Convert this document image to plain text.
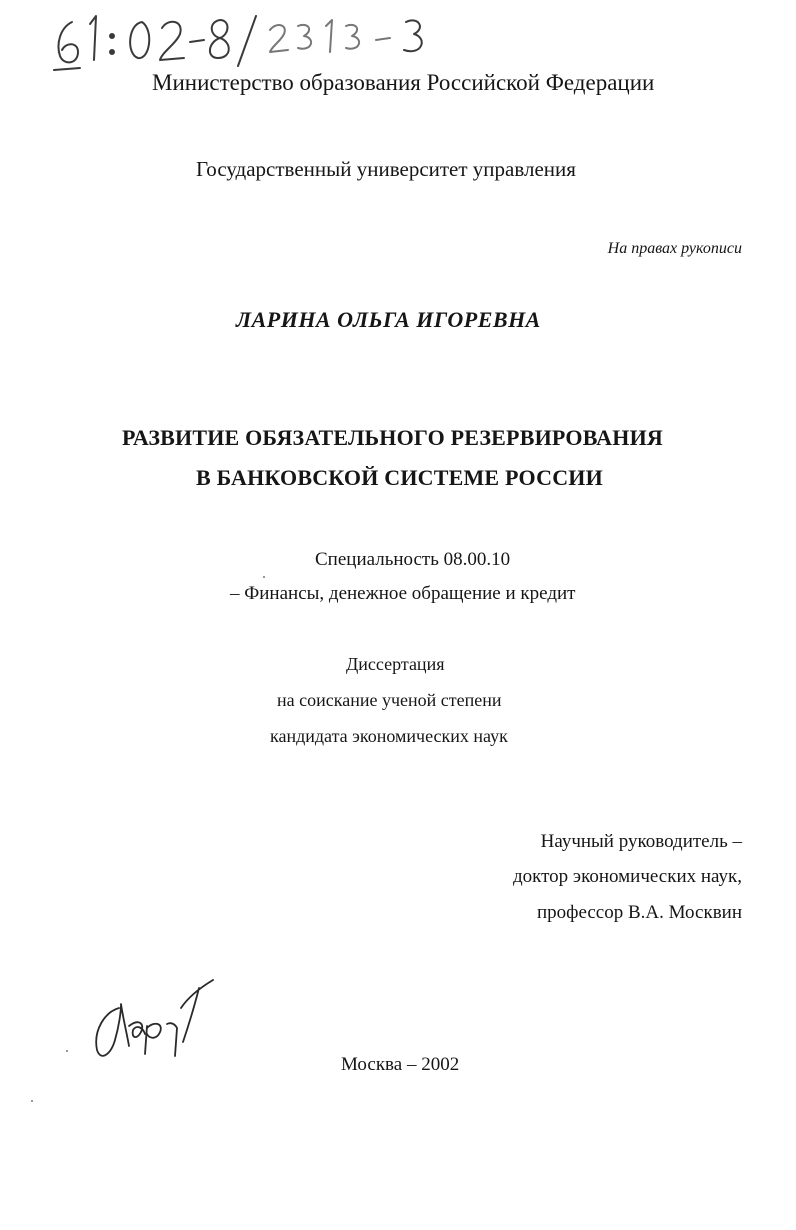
Министерство образования Российской Федерации
Государственный университет управления
На правах рукописи
ЛАРИНА ОЛЬГА ИГОРЕВНА
РАЗВИТИЕ ОБЯЗАТЕЛЬНОГО РЕЗЕРВИРОВАНИЯ
В БАНКОВСКОЙ СИСТЕМЕ РОССИИ
Специальность 08.00.10
– Финансы, денежное обращение и кредит
Диссертация
на соискание ученой степени
кандидата экономических наук
Научный руководитель –
доктор экономических наук,
профессор В.А. Москвин
Москва – 2002
